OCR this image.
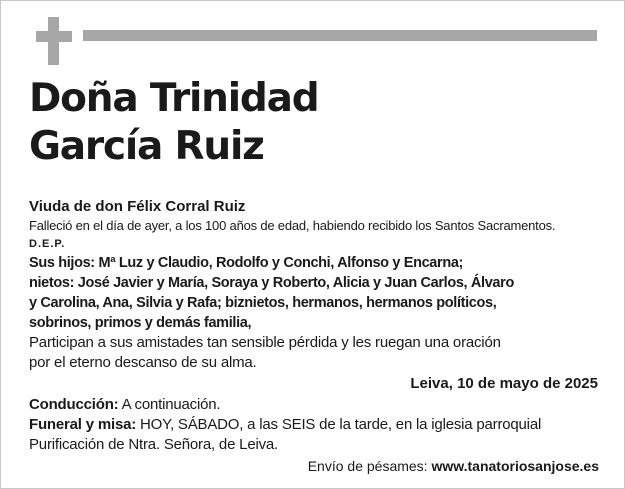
Doña Trinidad
García Ruiz
Viuda de don Félix Corral Ruiz
Falleció en el día de ayer, a los 100 años de edad, habiendo recibido los Santos Sacramentos.
D.E.P.
Sus hijos: Mª Luz y Claudio, Rodolfo y Conchi, Alfonso y Encarna;
nietos: José Javier y María, Soraya y Roberto, Alicia y Juan Carlos, Álvaro
y Carolina, Ana, Silvia y Rafa; biznietos, hermanos, hermanos políticos,
sobrinos, primos y demás familia,
Participan a sus amistades tan sensible pérdida y les ruegan una oración
por el eterno descanso de su alma.
Leiva, 10 de mayo de 2025
Conducción: A continuación.
Funeral y misa: HOY, SÁBADO, a las SEIS de la tarde, en la iglesia parroquial
Purificación de Ntra. Señora, de Leiva.
Envío de pésames: www.tanatoriosanjose.es
